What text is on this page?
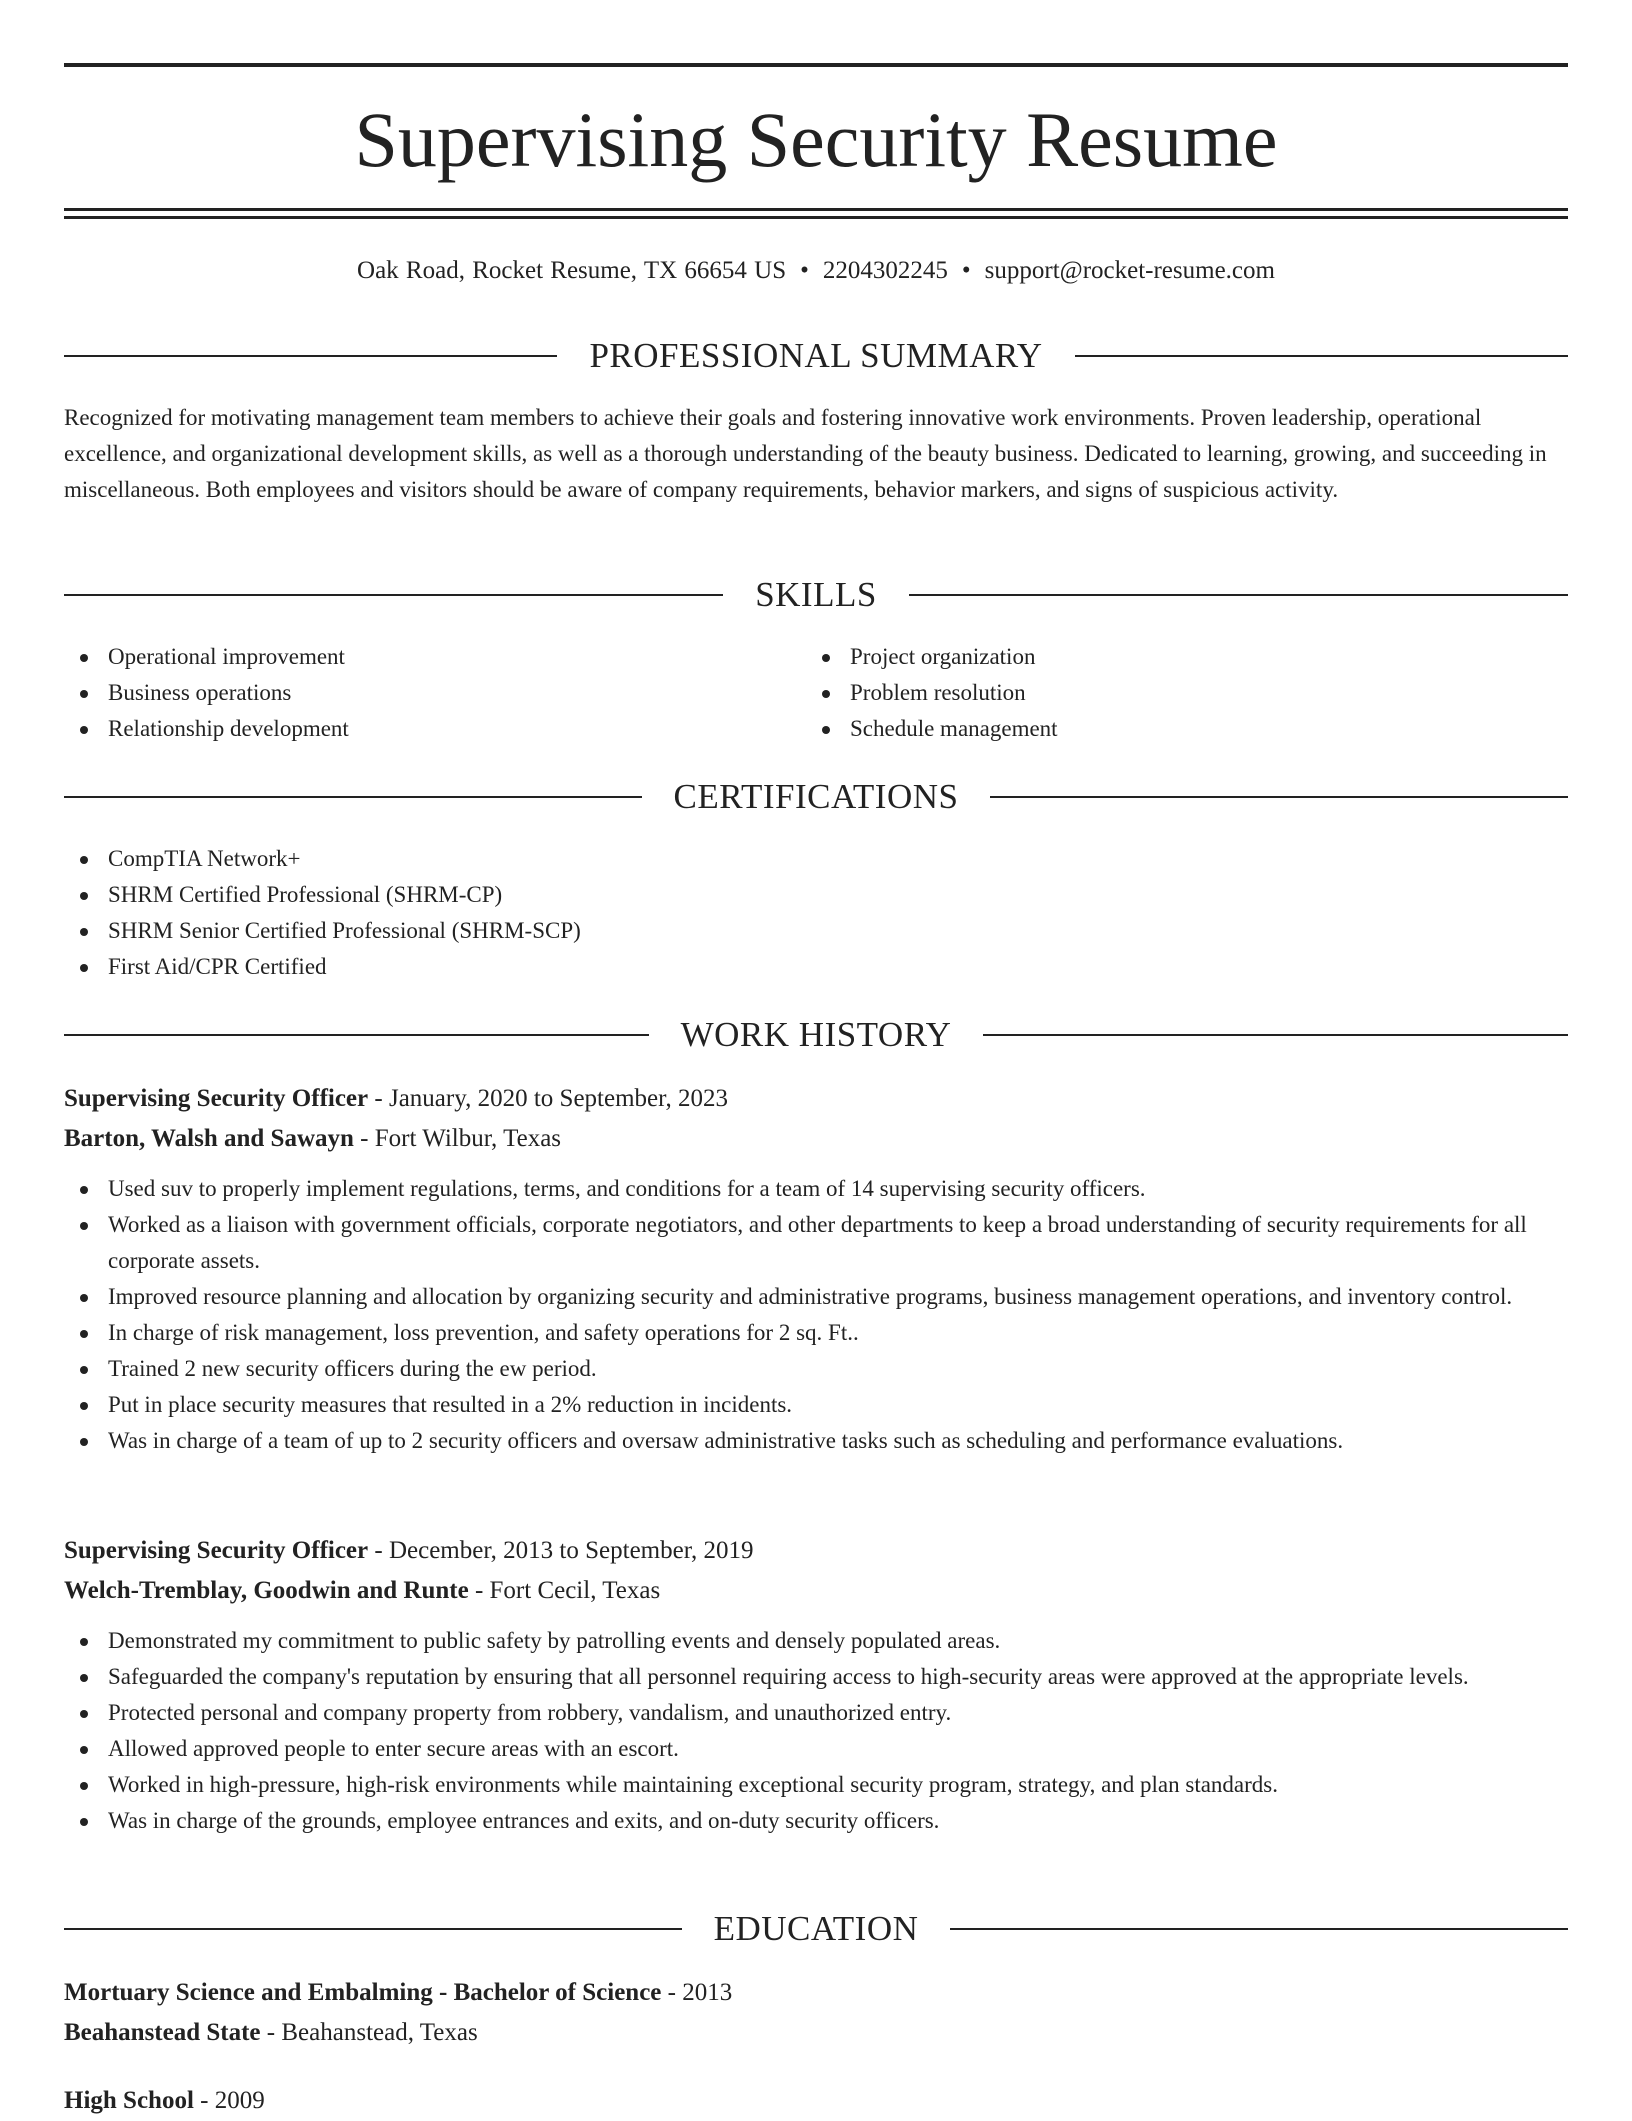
Supervising Security Resume
Oak Road, Rocket Resume, TX 66654 US • 2204302245 • support@rocket-resume.com
PROFESSIONAL SUMMARY

Recognized for motivating management team members to achieve their goals and fostering innovative work environments. Proven leadership, operational excellence, and organizational development skills, as well as a thorough understanding of the beauty business. Dedicated to learning, growing, and succeeding in miscellaneous. Both employees and visitors should be aware of company requirements, behavior markers, and signs of suspicious activity.

SKILLS
Operational improvement
Business operations
Relationship development
Project organization
Problem resolution
Schedule management
CERTIFICATIONS
CompTIA Network+
SHRM Certified Professional (SHRM-CP)
SHRM Senior Certified Professional (SHRM-SCP)
First Aid/CPR Certified
WORK HISTORY
Supervising Security Officer - January, 2020 to September, 2023
Barton, Walsh and Sawayn - Fort Wilbur, Texas
Used suv to properly implement regulations, terms, and conditions for a team of 14 supervising security officers.
Worked as a liaison with government officials, corporate negotiators, and other departments to keep a broad understanding of security requirements for all corporate assets.
Improved resource planning and allocation by organizing security and administrative programs, business management operations, and inventory control.
In charge of risk management, loss prevention, and safety operations for 2 sq. Ft..
Trained 2 new security officers during the ew period.
Put in place security measures that resulted in a 2% reduction in incidents.
Was in charge of a team of up to 2 security officers and oversaw administrative tasks such as scheduling and performance evaluations.
Supervising Security Officer - December, 2013 to September, 2019
Welch-Tremblay, Goodwin and Runte - Fort Cecil, Texas
Demonstrated my commitment to public safety by patrolling events and densely populated areas.
Safeguarded the company's reputation by ensuring that all personnel requiring access to high-security areas were approved at the appropriate levels.
Protected personal and company property from robbery, vandalism, and unauthorized entry.
Allowed approved people to enter secure areas with an escort.
Worked in high-pressure, high-risk environments while maintaining exceptional security program, strategy, and plan standards.
Was in charge of the grounds, employee entrances and exits, and on-duty security officers.
EDUCATION
Mortuary Science and Embalming - Bachelor of Science - 2013
Beahanstead State - Beahanstead, Texas
High School - 2009
